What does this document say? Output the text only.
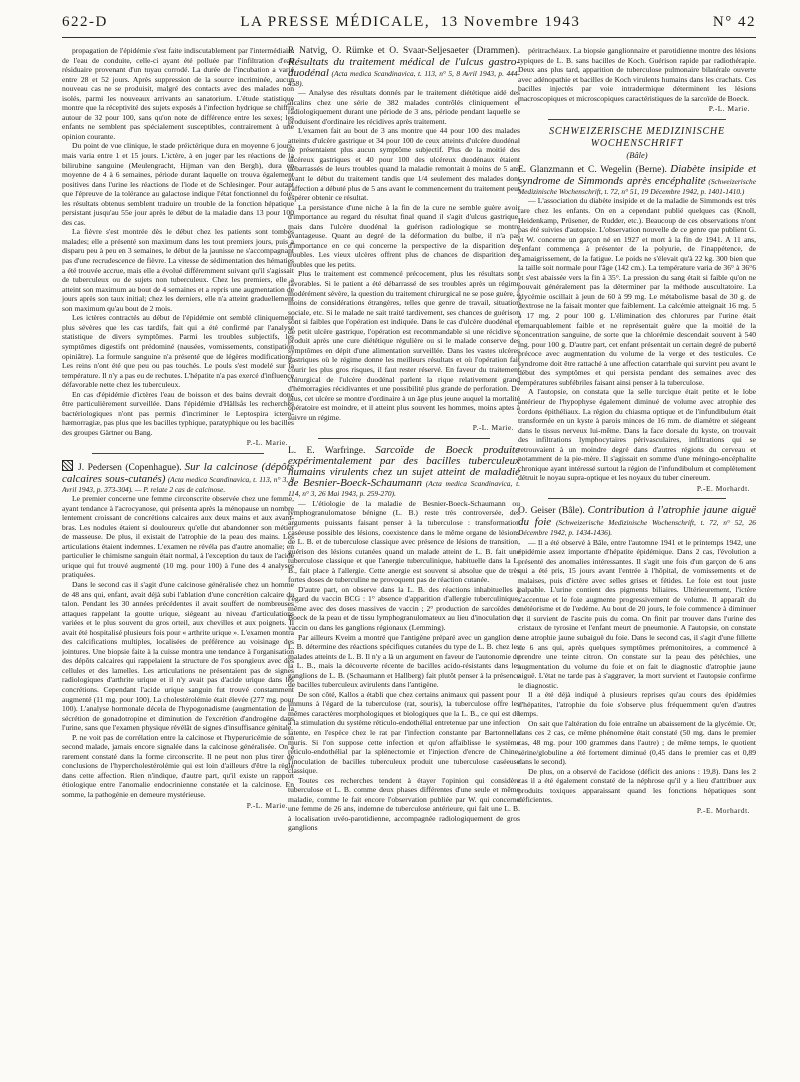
622-D	LA PRESSE MÉDICALE,  13 Novembre 1943	N° 42

propagation de l'épidémie s'est faite indiscutablement par l'intermédiaire de l'eau de conduite, celle-ci ayant été polluée par l'infiltration d'eau résiduaire provenant d'un tuyau corrodé. La durée de l'incubation a varié entre 28 et 52 jours. Après suppression de la source incriminée, aucun nouveau cas ne se produisit, malgré des contacts avec des malades non isolés, parmi les nouveaux arrivants au sanatorium. L'étude statistique montre que la réceptivité des sujets exposés à l'infection hydrique se chiffra autour de 32 pour 100, sans qu'on note de différence entre les sexes; les enfants ne semblent pas spécialement susceptibles, contrairement à une opinion courante.

Du point de vue clinique, le stade préictérique dura en moyenne 6 jours, mais varia entre 1 et 15 jours. L'ictère, à en juger par les réactions de la bilirubine sanguine (Meulengracht, Hijman van den Bergh), dura en moyenne de 4 à 6 semaines, période durant laquelle on trouva également positives dans l'urine les réactions de l'iode et de Schlesinger. Pour autant que l'épreuve de la tolérance au galactose indique l'état fonctionnel du foie, les résultats obtenus semblent traduire un trouble de la fonction hépatique persistant jusqu'au 55e jour après le début de la maladie dans 13 pour 100 des cas.

La fièvre s'est montrée dès le début chez les patients sont tombés malades; elle a présenté son maximum dans les tout premiers jours, puis a disparu peu à peu en 3 semaines, le début de la jaunisse ne s'accompagnant pas d'une recrudescence de fièvre. La vitesse de sédimentation des hématies a été trouvée accrue, mais elle a évolué différemment suivant qu'il s'agissait de tuberculeux ou de sujets non tuberculeux. Chez les premiers, elle a atteint son maximum au bout de 4 semaines et a repris une augmentation de jours après son taux initial; chez les derniers, elle n'a atteint graduellement son maximum qu'au bout de 2 mois.

Les ictères contractés au début de l'épidémie ont semblé cliniquement plus sévères que les cas tardifs, fait qui a été confirmé par l'analyse statistique de divers symptômes. Parmi les troubles subjectifs, les symptômes digestifs ont prédominé (nausées, vomissements, constipation opiniâtre). La formule sanguine n'a présenté que de légères modifications. Les reins n'ont été que peu ou pas touchés. Le pouls s'est modelé sur la température. Il n'y a pas eu de rechutes. L'hépatite n'a pas exercé d'influence défavorable nette chez les tuberculeux.

En cas d'épidémie d'ictères l'eau de boisson et des bains devrait donc être particulièrement surveillée. Dans l'épidémie d'Hällsås les recherches bactériologiques n'ont pas permis d'incriminer le Leptospira ictero-hæmorragiæ, pas plus que les bacilles typhique, paratyphique ou les bacilles des groupes Gärtner ou Bang.

P.-L. Marie.

J. Pedersen (Copenhague). Sur la calcinose (dépôts calcaires sous-cutanés) (Acta medica Scandinavica, t. 113, n° 3, 8 Avril 1943, p. 373-304). — P. relate 2 cas de calcinose.

Le premier concerne une femme circonscrite observée chez une femme, ayant tendance à l'acrocyanose, qui présenta après la ménopause un nombre lentement croissant de concrétions calcaires aux deux mains et aux avant-bras. Les nodules étaient si douloureux qu'elle dut abandonner son métier de masseuse. De plus, il existait de l'atrophie de la peau des mains. Les articulations étaient indemnes. L'examen ne révéla pas d'autre anomalie; en particulier le chimisme sanguin était normal, à l'exception du taux de l'acide urique qui fut trouvé augmenté (10 mg. pour 100) à l'une des 4 analyses pratiquées.

Dans le second cas il s'agit d'une calcinose généralisée chez un homme de 48 ans qui, enfant, avait déjà subi l'ablation d'une concrétion calcaire du talon. Pendant les 30 années précédentes il avait souffert de nombreuses attaques rappelant la goutte urique, siégeant au niveau d'articulations variées et le plus souvent du gros orteil, aux chevilles et aux poignets. Il avait été hospitalisé plusieurs fois pour « arthrite urique ». L'examen montra des calcifications multiples, localisées de préférence au voisinage des jointures. Une biopsie faite à la cuisse montra une tendance à l'organisation des dépôts calcaires qui rappelaient la structure de l'os spongieux avec des cellules et des lamelles. Les articulations ne présentaient pas de signes radiologiques d'arthrite urique et il n'y avait pas d'acide urique dans les concrétions. Cependant l'acide urique sanguin fut trouvé constamment augmenté (11 mg. pour 100). La cholestérolémie était élevée (277 mg. pour 100). L'analyse hormonale décela de l'hypogonadisme (augmentation de la sécrétion de gonadotropine et diminution de l'excrétion d'androgène dans l'urine, sans que l'examen physique révélât de signes d'insuffisance génitale.

P. ne voit pas de corrélation entre la calcinose et l'hyperuricémie de son second malade, jamais encore signalée dans la calcinose généralisée. On a rarement constaté dans la forme circonscrite. Il ne peut non plus tirer de conclusions de l'hypercholestérolémie qui est loin d'ailleurs d'être la règle dans cette affection. Rien n'indique, d'autre part, qu'il existe un rapport étiologique entre l'anomalie endocrinienne constatée et la calcinose. En somme, la pathogénie en demeure mystérieuse.

P.-L. Marie.

P. Natvig, O. Rümke et O. Svaar-Seljesaeter (Drammen). Résultats du traitement médical de l'ulcus gastro-duodénal (Acta medica Scandinavica, t. 113, n° 5, 8 Avril 1943, p. 444-458).

— Analyse des résultats donnés par le traitement diététique aidé des alcalins chez une série de 382 malades contrôlés cliniquement et radiologiquement durant une période de 3 ans, période pendant laquelle se produisent d'ordinaire les récidives après traitement.

L'examen fait au bout de 3 ans montre que 44 pour 100 des malades atteints d'ulcère gastrique et 34 pour 100 de ceux atteints d'ulcère duodénal ne présentaient plus aucun symptôme subjectif. Plus de la moitié des ulcéreux gastriques et 40 pour 100 des ulcéreux duodénaux étaient débarrassés de leurs troubles quand la maladie remontait à moins de 5 ans avant le début du traitement tandis que 1/4 seulement des malades dont l'affection a débuté plus de 5 ans avant le commencement du traitement peut espérer obtenir ce résultat.

La persistance d'une niche à la fin de la cure ne semble guère avoir d'importance au regard du résultat final quand il s'agit d'ulcus gastrique, mais dans l'ulcère duodénal la guérison radiologique se montre avantageuse. Quant au degré de la déformation du bulbe, il n'a pas d'importance en ce qui concerne la perspective de la disparition des troubles. Les vieux ulcères offrent plus de chances de disparition des troubles que les petits.

Plus le traitement est commencé précocement, plus les résultats sont favorables. Si le patient a été débarrassé de ses troubles après un régime modérément sévère, la question du traitement chirurgical ne se pose guère, à moins de considérations étrangères, telles que genre de travail, situation sociale, etc. Si le malade ne sait traité tardivement, ses chances de guérison sont si faibles que l'opération est indiquée. Dans le cas d'ulcère duodénal et de petit ulcère gastrique, l'opération est recommandable si une récidive se produit après une cure diététique régulière ou si le malade conserve des symptômes en dépit d'une alimentation surveillée. Dans les vastes ulcères gastriques où le régime donne les meilleurs résultats et où l'opération fait courir les plus gros risques, il faut rester réservé. En faveur du traitement chirurgical de l'ulcère duodénal parlent la rique relativement grand d'hémorragies récidivantes et une possibilité plus grande de perforation. De plus, cet ulcère se montre d'ordinaire à un âge plus jeune auquel la mortalité opératoire est moindre, et il atteint plus souvent les hommes, moins aptes à suivre un régime.

P.-L. Marie.

L. E. Warfringe. Sarcoïde de Boeck produite expérimentalement par des bacilles tuberculeux humains virulents chez un sujet atteint de maladie de Besnier-Boeck-Schaumann (Acta medica Scandinavica, t. 114, n° 3, 26 Mai 1943, p. 259-270).

— L'étiologie de la maladie de Besnier-Boeck-Schaumann ou lymphogranulomatose bénigne (L. B.) reste très controversée, des arguments puissants faisant penser à la tuberculose : transformation caséeuse possible des lésions, coexistence dans le même organe de lésions de L. B. et de tuberculose classique avec présence de lésions de transition, guérison des lésions cutanées quand un malade atteint de L. B. fait une tuberculose classique et que l'anergie tuberculinique, habituelle dans la L. B., fait place à l'allergie. Cette anergie est souvent si absolue que de très fortes doses de tuberculine ne provoquent pas de réaction cutanée.

D'autre part, on observe dans la L. B. des réactions inhabituelles à l'égard du vaccin BCG : 1° absence d'apparition d'allergie tuberculinique, même avec des doses massives de vaccin ; 2° production de sarcoïdes de Boeck de la peau et de tissu lymphogranulomateux au lieu d'inoculation du vaccin ou dans les ganglions régionaux (Lemming).

Par ailleurs Kveim a montré que l'antigène préparé avec un ganglion de L. B. détermine des réactions spécifiques cutanées du type de L. B. chez les malades atteints de L. B. Il n'y a là un argument en faveur de l'autonomie de la L. B., mais la découverte récente de bacilles acido-résistants dans les ganglions de L. B. (Schaumann et Hallberg) fait plutôt penser à la présence de bacilles tuberculeux avirulents dans l'antigène.

De son côté, Kallos a établi que chez certains animaux qui passent pour immuns à l'égard de la tuberculose (rat, souris), la tuberculose offre les mêmes caractères morphologiques et biologiques que la L. B., ce qui est dû à la stimulation du système réticulo-endothélial entretenue par une infection latente, en l'espèce chez le rat par l'infection constante par Bartonnella muris. Si l'on suppose cette infection et qu'on affaiblisse le système réticulo-endothélial par la splénectomie et l'injection d'encre de Chine, l'inoculation de bacilles tuberculeux produit une tuberculose caséeuse classique.

Toutes ces recherches tendent à étayer l'opinion qui considère tuberculose et L. B. comme deux phases différentes d'une seule et même maladie, comme le fait encore l'observation publiée par W. qui concerne une femme de 26 ans, indemne de tuberculose antérieure, qui fait une L. B. à localisation uvéo-parotidienne, accompagnée radiologiquement de gros ganglions

péritrachéaux. La biopsie ganglionnaire et parotidienne montre des lésions typiques de L. B. sans bacilles de Koch. Guérison rapide par radiothérapie. Deux ans plus tard, apparition de tuberculose pulmonaire bilatérale ouverte avec adénopathie et bacilles de Koch virulents humains dans les crachats. Ces bacilles injectés par voie intradermique déterminent les lésions macroscopiques et microscopiques caractéristiques de la sarcoïde de Boeck.

P.-L. Marie.
SCHWEIZERISCHE MEDIZINISCHE WOCHENSCHRIFT
(Bâle)

E. Glanzmann et C. Wegelin (Berne). Diabète insipide et syndrome de Simmonds après encéphalite (Schweizerische Medizinische Wochenschrift, t. 72, n° 51, 19 Décembre 1942, p. 1401-1410.)

— L'association du diabète insipide et de la maladie de Simmonds est très rare chez les enfants. On en a cependant publié quelques cas (Knoll, Heidenkamp, Prüsener, de Rudder, etc.). Beaucoup de ces observations n'ont pas été suivies d'autopsie. L'observation nouvelle de ce genre que publient G. et W. concerne un garçon né en 1927 et mort à la fin de 1941. A 11 ans, l'enfant commença à présenter de la polyurie, de l'inappétence, de l'amaigrissement, de la fatigue. Le poids ne s'élevait qu'à 22 kg. 300 bien que la taille soit normale pour l'âge (142 cm.). La température varia de 36° à 36°6 et s'est abaissée vers la fin à 35°. La pression du sang était si faible qu'on ne pouvait généralement pas la déterminer par la méthode auscultatoire. La glycémie oscillait à jeun de 60 à 99 mg. Le métabolisme basal de 30 g. de dextrose ne la faisait monter que faiblement. La calcémie atteignait 16 mg. 5 à 17 mg. 2 pour 100 g. L'élimination des chlorures par l'urine était remarquablement faible et ne représentait guère que la moitié de la concentration sanguine, de sorte que la chlorémie descendait souvent à 540 mg. pour 100 g. D'autre part, cet enfant présentait un certain degré de puberté précoce avec augmentation du volume de la verge et des testicules. Ce syndrome doit être rattaché à une affection catarrhale qui survint peu avant le début des symptômes et qui persista pendant des semaines avec des températures subfébriles faisant ainsi penser à la tuberculose.

A l'autopsie, on constata que la selle turcique était petite et le lobe antérieur de l'hypophyse également diminué de volume avec atrophie des cordons épithéliaux. La région du chiasma optique et de l'infundibulum était transformée en un kyste à parois minces de 16 mm. de diamètre et siégeant dans le tissus nerveux lui-même. Dans la face dorsale du kyste, on trouvait des infiltrations lymphocytaires périvasculaires, infiltrations qui se retrouvaient à un moindre degré dans d'autres régions du cerveau et notamment de la pie-mère. Il s'agissait en somme d'une méningo-encéphalite chronique ayant intéressé surtout la région de l'infundibulum et complètement détruit le noyau supra-optique et les noyaux du tuber cinereum.

P.-E. Morhardt.

O. Geiser (Bâle). Contribution à l'atrophie jaune aiguë du foie (Schweizerische Medizinische Wochenschrift, t. 72, n° 52, 26 Décembre 1942, p. 1434-1436).

— Il a été observé à Bâle, entre l'automne 1941 et le printemps 1942, une épidémie assez importante d'hépatite épidémique. Dans 2 cas, l'évolution a présenté des anomalies intéressantes. Il s'agit une fois d'un garçon de 6 ans qui a été pris, 15 jours avant l'entrée à l'hôpital, de vomissements et de malaises, puis d'ictère avec selles grises et fétides. Le foie est tout juste palpable. L'urine contient des pigments biliaires. Ultérieurement, l'ictère s'accentue et le foie augmente progressivement de volume. Il apparaît du météorisme et de l'œdème. Au bout de 20 jours, le foie commence à diminuer et il survient de l'ascite puis du coma. On finit par trouver dans l'urine des cristaux de tyrosine et l'enfant meurt de pneumonie. A l'autopsie, on constate une atrophie jaune subaiguë du foie. Dans le second cas, il s'agit d'une fillette de 6 ans qui, après quelques symptômes prémonitoires, a commencé à prendre une teinte citron. On constate sur la peau des pétéchies, une augmentation du volume du foie et on fait le diagnostic d'atrophie jaune aiguë. L'état ne tarde pas à s'aggraver, la mort survient et l'autopsie confirme le diagnostic.

Il a été déjà indiqué à plusieurs reprises qu'au cours des épidémies d'hépatites, l'atrophie du foie s'observe plus fréquemment qu'en d'autres temps.

On sait que l'altération du foie entraîne un abaissement de la glycémie. Or, dans ces 2 cas, ce même phénomène était constaté (50 mg. dans le premier cas, 48 mg. pour 100 grammes dans l'autre) ; de même temps, le quotient sérine/globuline a été fortement diminué (0,45 dans le premier cas et 0,89 dans le second).

De plus, on a observé de l'acidose (déficit des anions : 19,8). Dans les 2 cas il a été également constaté de la néphrose qu'il y a lieu d'attribuer aux produits toxiques apparaissant quand les fonctions hépatiques sont déficientes.

P.-E. Morhardt.
